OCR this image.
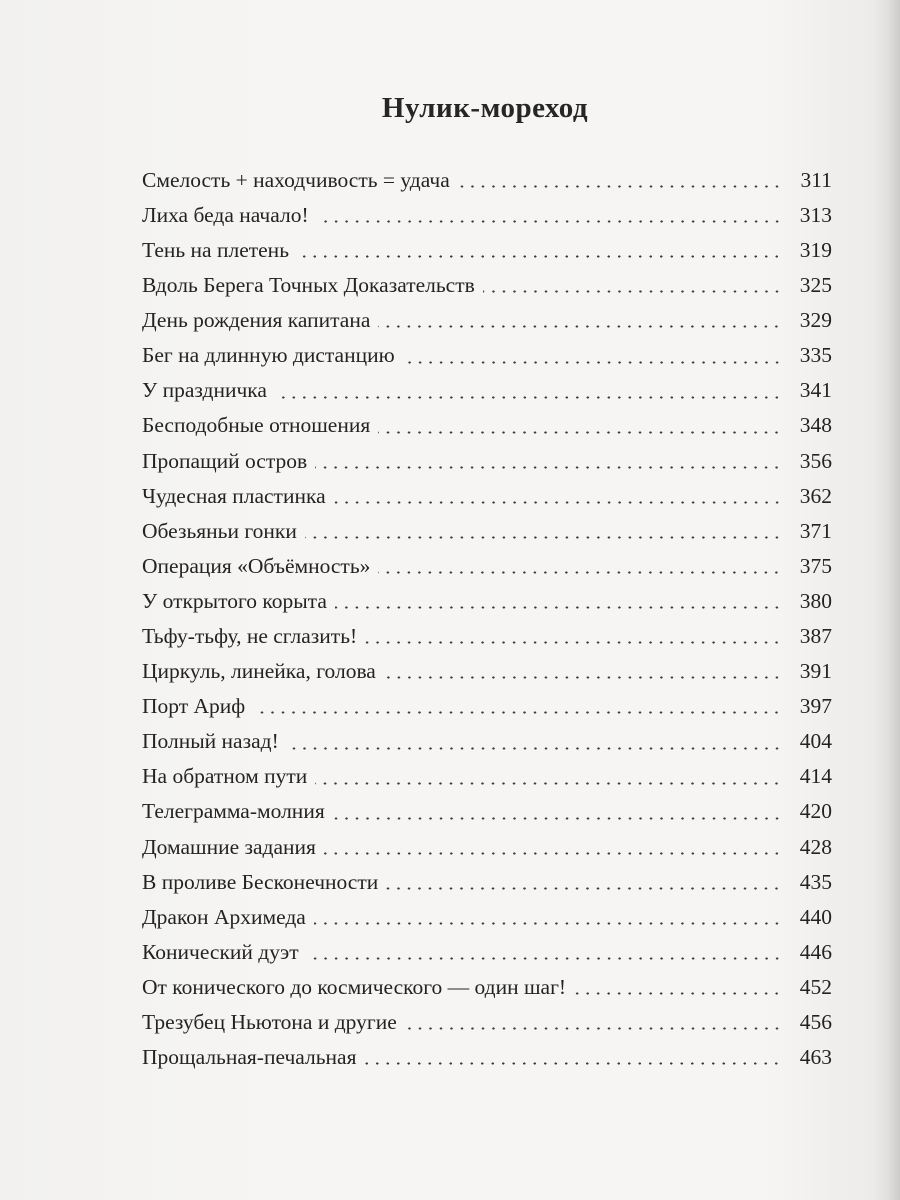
Нулик-мореход
Смелость + находчивость = удача	311
Лиха беда начало!	313
Тень на плетень	319
Вдоль Берега Точных Доказательств	325
День рождения капитана	329
Бег на длинную дистанцию	335
У праздничка	341
Бесподобные отношения	348
Пропащий остров	356
Чудесная пластинка	362
Обезьяньи гонки	371
Операция «Объёмность»	375
У открытого корыта	380
Тьфу-тьфу, не сглазить!	387
Циркуль, линейка, голова	391
Порт Ариф	397
Полный назад!	404
На обратном пути	414
Телеграмма-молния	420
Домашние задания	428
В проливе Бесконечности	435
Дракон Архимеда	440
Конический дуэт	446
От конического до космического — один шаг!	452
Трезубец Ньютона и другие	456
Прощальная-печальная	463
